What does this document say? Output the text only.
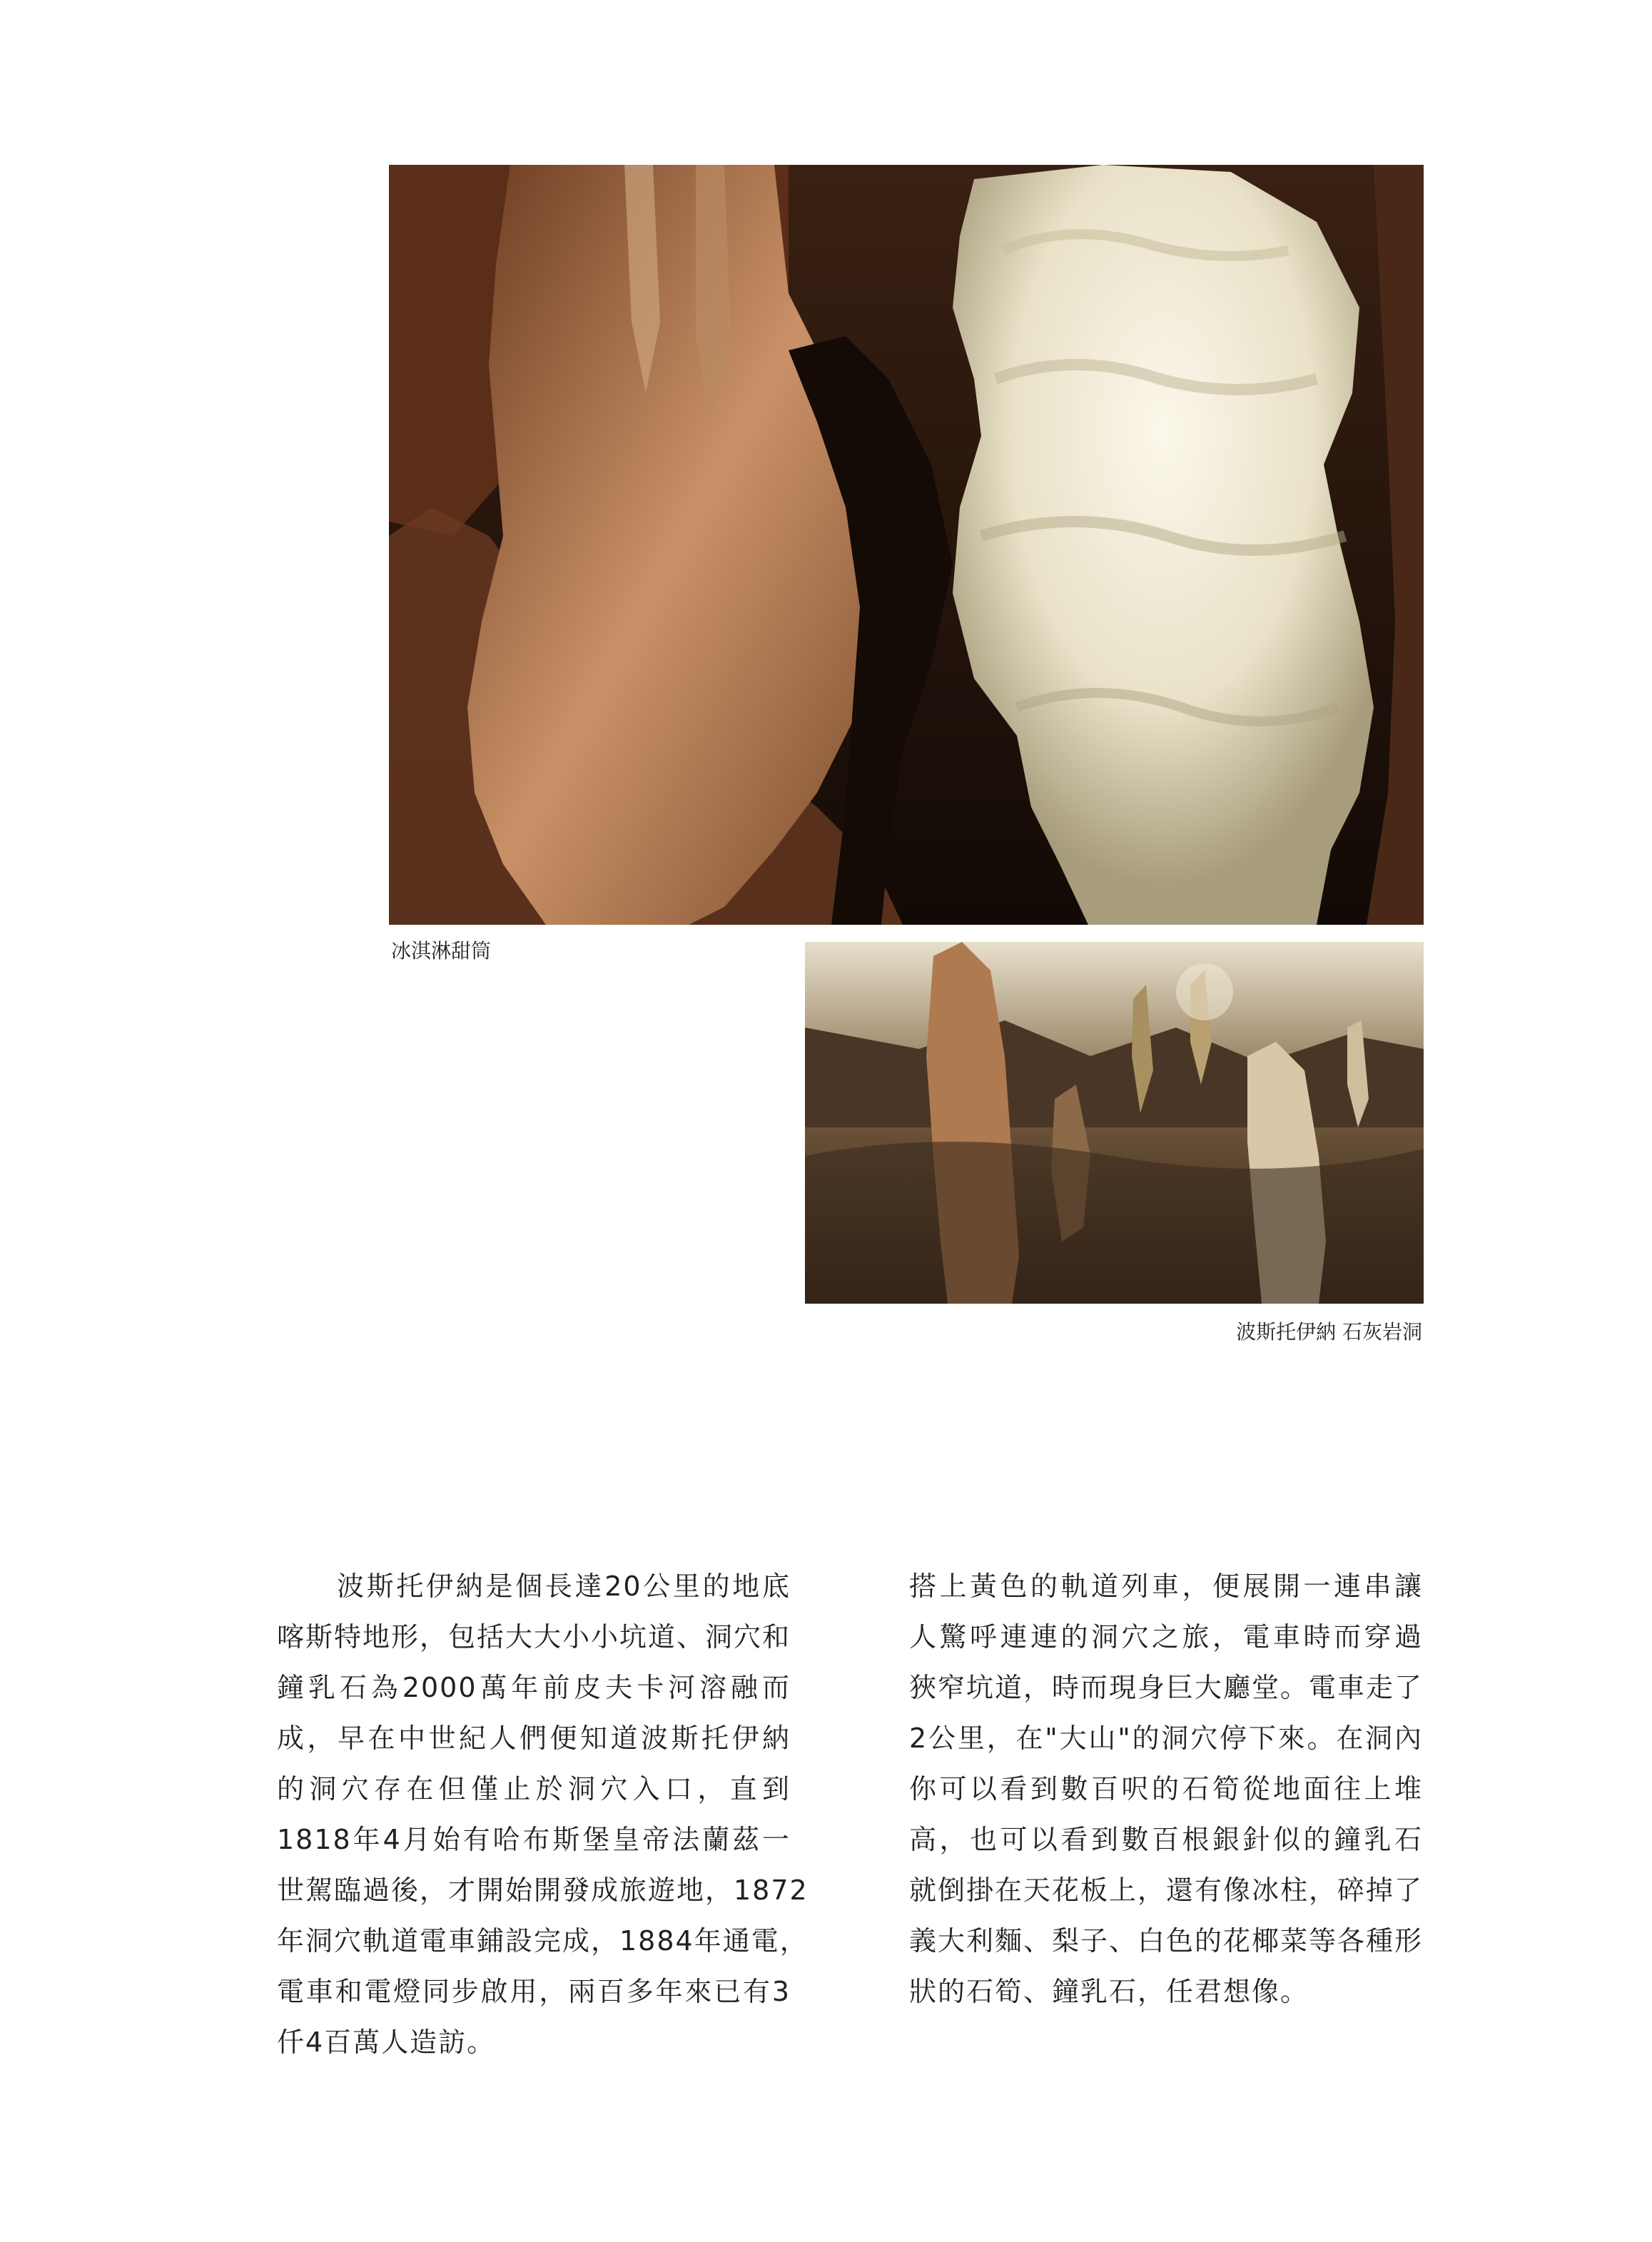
冰淇淋甜筒
波斯托伊納 石灰岩洞
波斯托伊納是個長達20公里的地底
喀斯特地形，包括大大小小坑道、洞穴和
鐘乳石為2000萬年前皮夫卡河溶融而
成，早在中世紀人們便知道波斯托伊納
的洞穴存在但僅止於洞穴入口，直到
1818年4月始有哈布斯堡皇帝法蘭茲一
世駕臨過後，才開始開發成旅遊地，1872
年洞穴軌道電車鋪設完成，1884年通電，
電車和電燈同步啟用，兩百多年來已有3
仟4百萬人造訪。
搭上黃色的軌道列車，便展開一連串讓
人驚呼連連的洞穴之旅，電車時而穿過
狹窄坑道，時而現身巨大廳堂。電車走了
2公里，在"大山"的洞穴停下來。在洞內
你可以看到數百呎的石筍從地面往上堆
高，也可以看到數百根銀針似的鐘乳石
就倒掛在天花板上，還有像冰柱，碎掉了
義大利麵、梨子、白色的花椰菜等各種形
狀的石筍、鐘乳石，任君想像。
